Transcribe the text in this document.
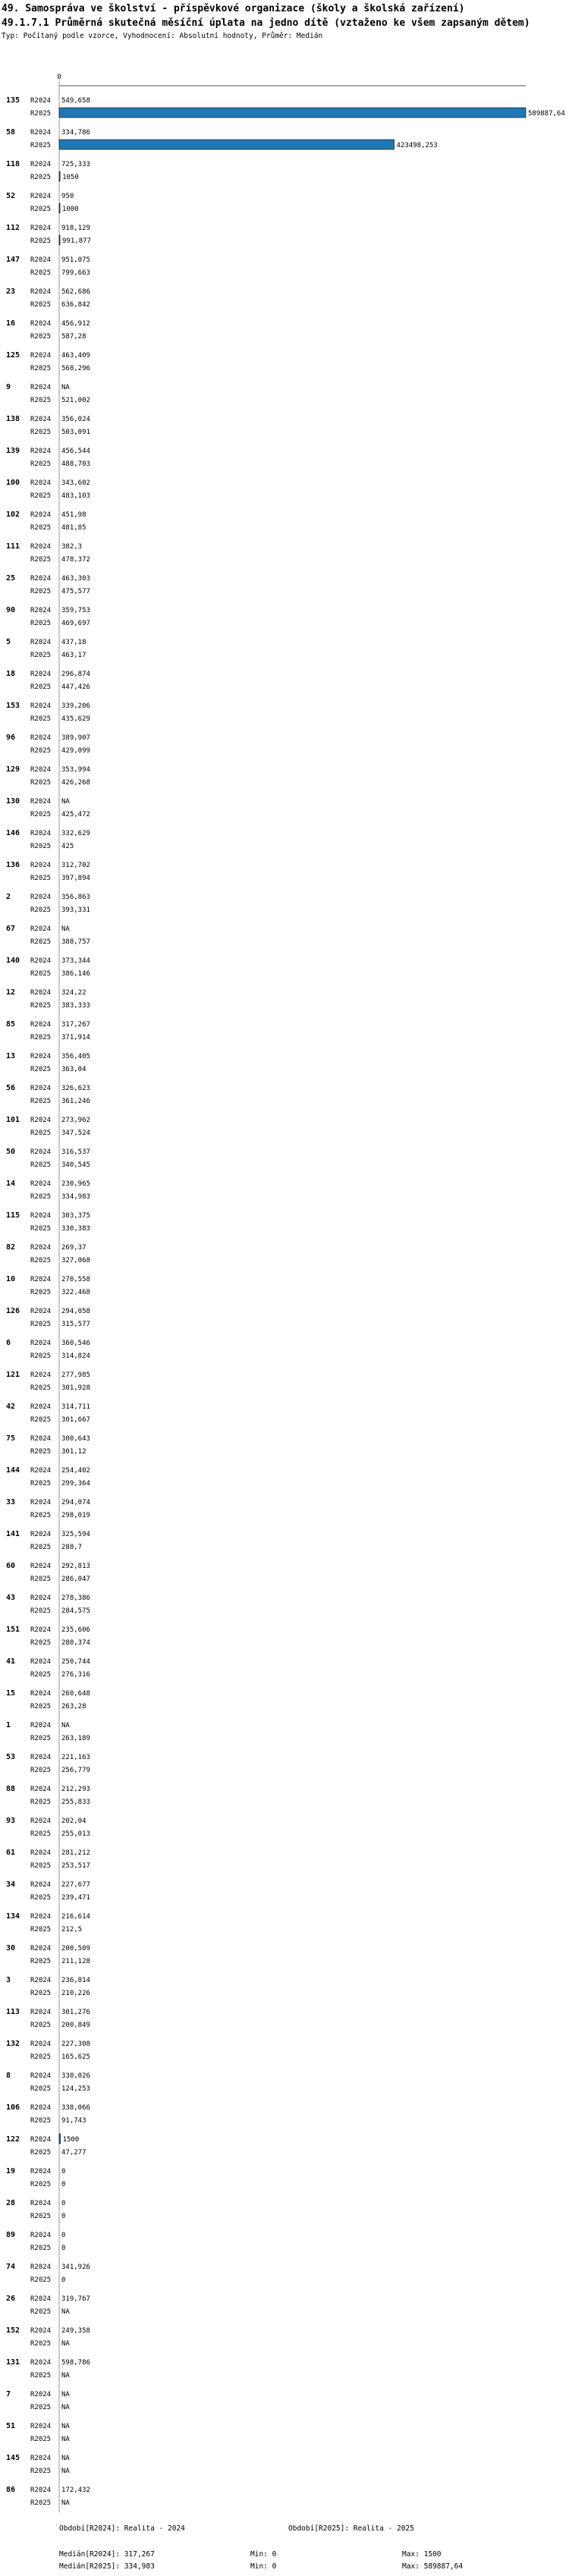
49. Samospráva ve školství - příspěvkové organizace (školy a školská zařízení)
49.1.7.1 Průměrná skutečná měsíční úplata na jedno dítě (vztaženo ke všem zapsaným dětem)
Typ: Počítaný podle vzorce, Vyhodnocení: Absolutní hodnoty, Průměr: Medián
0
135 R2024 549,658
R2025	589887,64
58 R2024 334,786
R2025	423498,253
118 R2024 725,333
R2025 1050
52 R2024 950
R2025 1000
112 R2024 918,129
R2025 991,877
147 R2024 951,075
R2025 799,663
23 R2024 562,686
R2025 636,842
16 R2024 456,912
R2025 587,28
125 R2024 463,409
R2025 568,296
9	R2024 NA
R2025 521,002
138 R2024 356,024
R2025 503,091
139 R2024 456,544
R2025 488,703
100 R2024 343,602
R2025 483,103
102 R2024 451,98
R2025 481,85
111 R2024 382,3
R2025 478,372
25 R2024 463,303
R2025 475,577
90 R2024 359,753
R2025 469,697
5	R2024 437,18
R2025 463,17
18 R2024 296,874
R2025 447,426
153 R2024 339,206
R2025 435,629
96 R2024 389,907
R2025 429,099
129 R2024 353,994
R2025 426,268
130 R2024 NA
R2025 425,472
146 R2024 332,629
R2025 425
136 R2024 312,702
R2025 397,894
2	R2024 356,863
R2025 393,331
67 R2024 NA
R2025 388,757
140 R2024 373,344
R2025 386,146
12 R2024 324,22
R2025 383,333
85 R2024 317,267
R2025 371,914
13 R2024 356,405
R2025 363,04
56 R2024 326,623
R2025 361,246
101 R2024 273,962
R2025 347,524
50 R2024 316,537
R2025 340,545
14 R2024 230,965
R2025 334,983
115 R2024 303,375
R2025 330,383
82 R2024 269,37
R2025 327,068
10 R2024 270,558
R2025 322,468
126 R2024 294,058
R2025 315,577
6	R2024 360,546
R2025 314,824
121 R2024 277,985
R2025 301,928
42 R2024 314,711
R2025 301,667
75 R2024 300,643
R2025 301,12
144 R2024 254,402
R2025 299,364
33 R2024 294,074
R2025 298,019
141 R2024 325,594
R2025 288,7
60 R2024 292,813
R2025 286,047
43 R2024 278,386
R2025 284,575
151 R2024 235,606
R2025 280,374
41 R2024 250,744
R2025 276,316
15 R2024 260,648
R2025 263,28
1	R2024 NA
R2025 263,189
53 R2024 221,163
R2025 256,779
88 R2024 212,293
R2025 255,833
93 R2024 202,04
R2025 255,013
61 R2024 281,212
R2025 253,517
34 R2024 227,677
R2025 239,471
134 R2024 216,614
R2025 212,5
30 R2024 200,509
R2025 211,128
3	R2024 236,814
R2025 210,226
113 R2024 301,276
R2025 200,849
132 R2024 227,308
R2025 165,625
8	R2024 330,026
R2025 124,253
106 R2024 338,066
R2025 91,743
122 R2024 1500
R2025 47,277
19 R2024 0
R2025 0
28 R2024 0
R2025 0
89 R2024 0
R2025 0
74 R2024 341,926
R2025 0
26 R2024 319,767
R2025 NA
152 R2024 249,358
R2025 NA
131 R2024 598,786
R2025 NA
7	R2024 NA
R2025 NA
51 R2024 NA
R2025 NA
145 R2024 NA
R2025 NA
86 R2024 172,432
R2025 NA
Období[R2024]: Realita - 2024	Období[R2025]: Realita - 2025
Medián[R2024]: 317,267	Min: 0	Max: 1500
Medián[R2025]: 334,983	Min: 0	Max: 589887,64
